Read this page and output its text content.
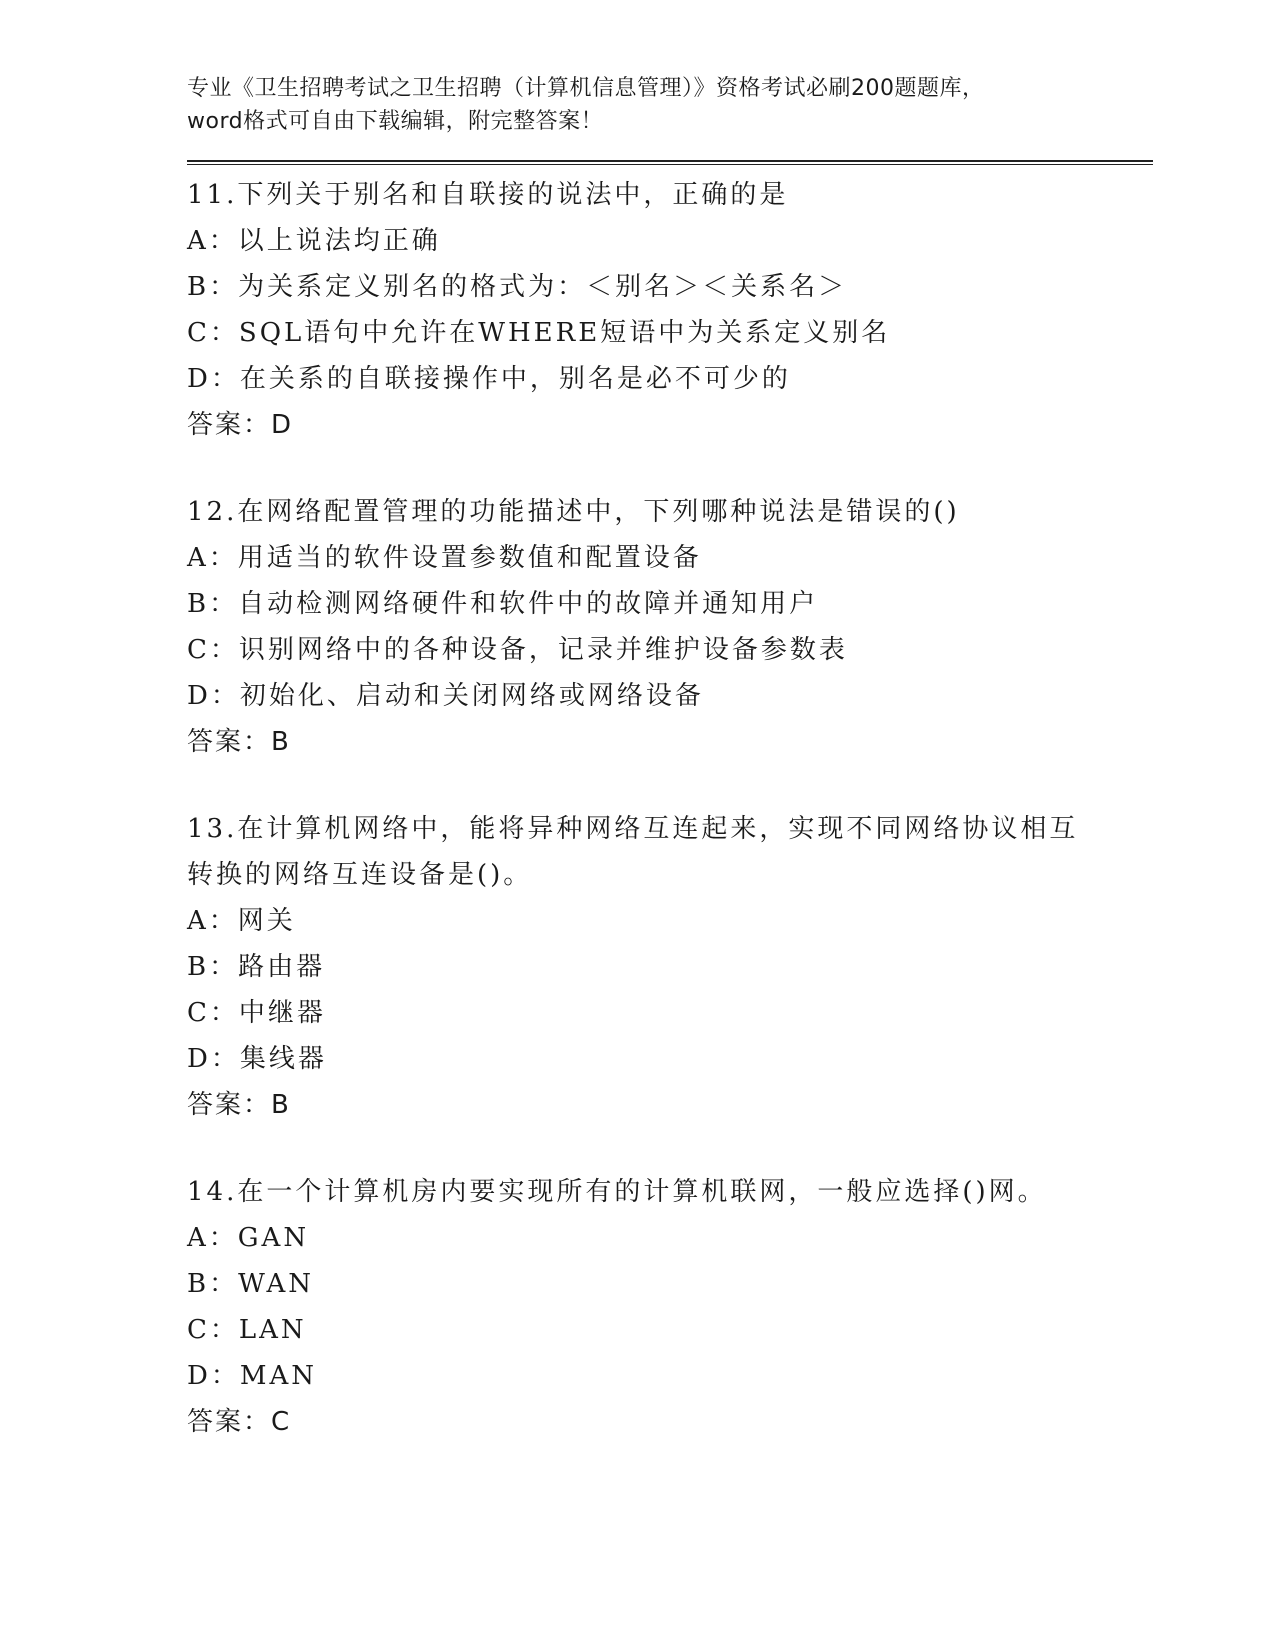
专业《卫生招聘考试之卫生招聘（计算机信息管理）》资格考试必刷200题题库，

word格式可自由下载编辑，附完整答案！

11.下列关于别名和自联接的说法中，正确的是

A：以上说法均正确

B：为关系定义别名的格式为：＜别名＞＜关系名＞

C：SQL语句中允许在WHERE短语中为关系定义别名

D：在关系的自联接操作中，别名是必不可少的

答案：D

12.在网络配置管理的功能描述中，下列哪种说法是错误的()

A：用适当的软件设置参数值和配置设备

B：自动检测网络硬件和软件中的故障并通知用户

C：识别网络中的各种设备，记录并维护设备参数表

D：初始化、启动和关闭网络或网络设备

答案：B

13.在计算机网络中，能将异种网络互连起来，实现不同网络协议相互

转换的网络互连设备是()。

A：网关

B：路由器

C：中继器

D：集线器

答案：B

14.在一个计算机房内要实现所有的计算机联网，一般应选择()网。

A：GAN

B：WAN

C：LAN

D：MAN

答案：C
